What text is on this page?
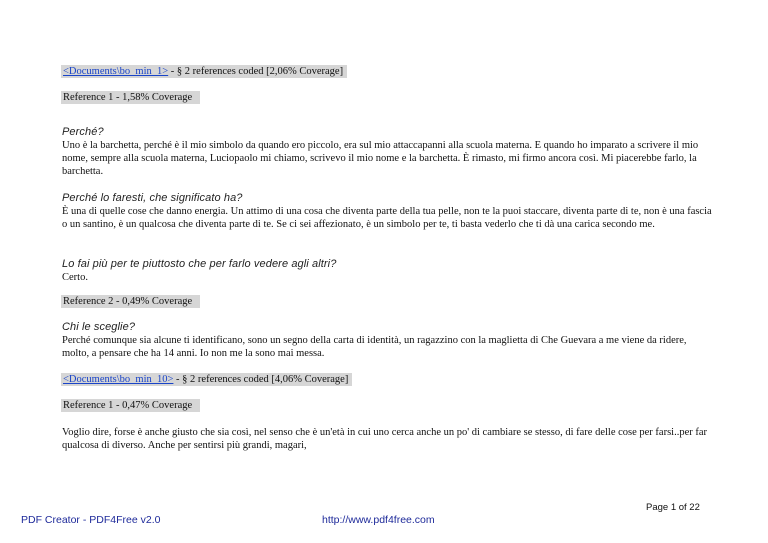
<Documents\bo_min_1> - § 2 references coded [2,06% Coverage]
Reference 1 - 1,58% Coverage
Perché?
Uno è la barchetta, perché è il mio simbolo da quando ero piccolo, era sul mio attaccapanni alla scuola materna. E quando ho imparato a scrivere il mio nome, sempre alla scuola materna, Luciopaolo mi chiamo, scrivevo il mio nome e la barchetta. È rimasto, mi firmo ancora così. Mi piacerebbe farlo, la barchetta.
Perché lo faresti, che significato ha?
È una di quelle cose che danno energia. Un attimo di una cosa che diventa parte della tua pelle, non te la puoi staccare, diventa parte di te, non è una fascia o un santino, è un qualcosa che diventa parte di te. Se ci sei affezionato, è un simbolo per te, ti basta vederlo che ti dà una carica secondo me.
Lo fai più per te piuttosto che per farlo vedere agli altri?
Certo.
Reference 2 - 0,49% Coverage
Chi le sceglie?
Perché comunque sia alcune ti identificano, sono un segno della carta di identità, un ragazzino con la maglietta di Che Guevara a me viene da ridere, molto, a pensare che ha 14 anni. Io non me la sono mai messa.
<Documents\bo_min_10> - § 2 references coded [4,06% Coverage]
Reference 1 - 0,47% Coverage
Voglio dire, forse è anche giusto che sia così, nel senso che è un'età in cui uno cerca anche un po' di cambiare se stesso, di fare delle cose per farsi..per far qualcosa di diverso. Anche per sentirsi più grandi, magari,
Page 1 of 22
PDF Creator - PDF4Free v2.0	http://www.pdf4free.com
